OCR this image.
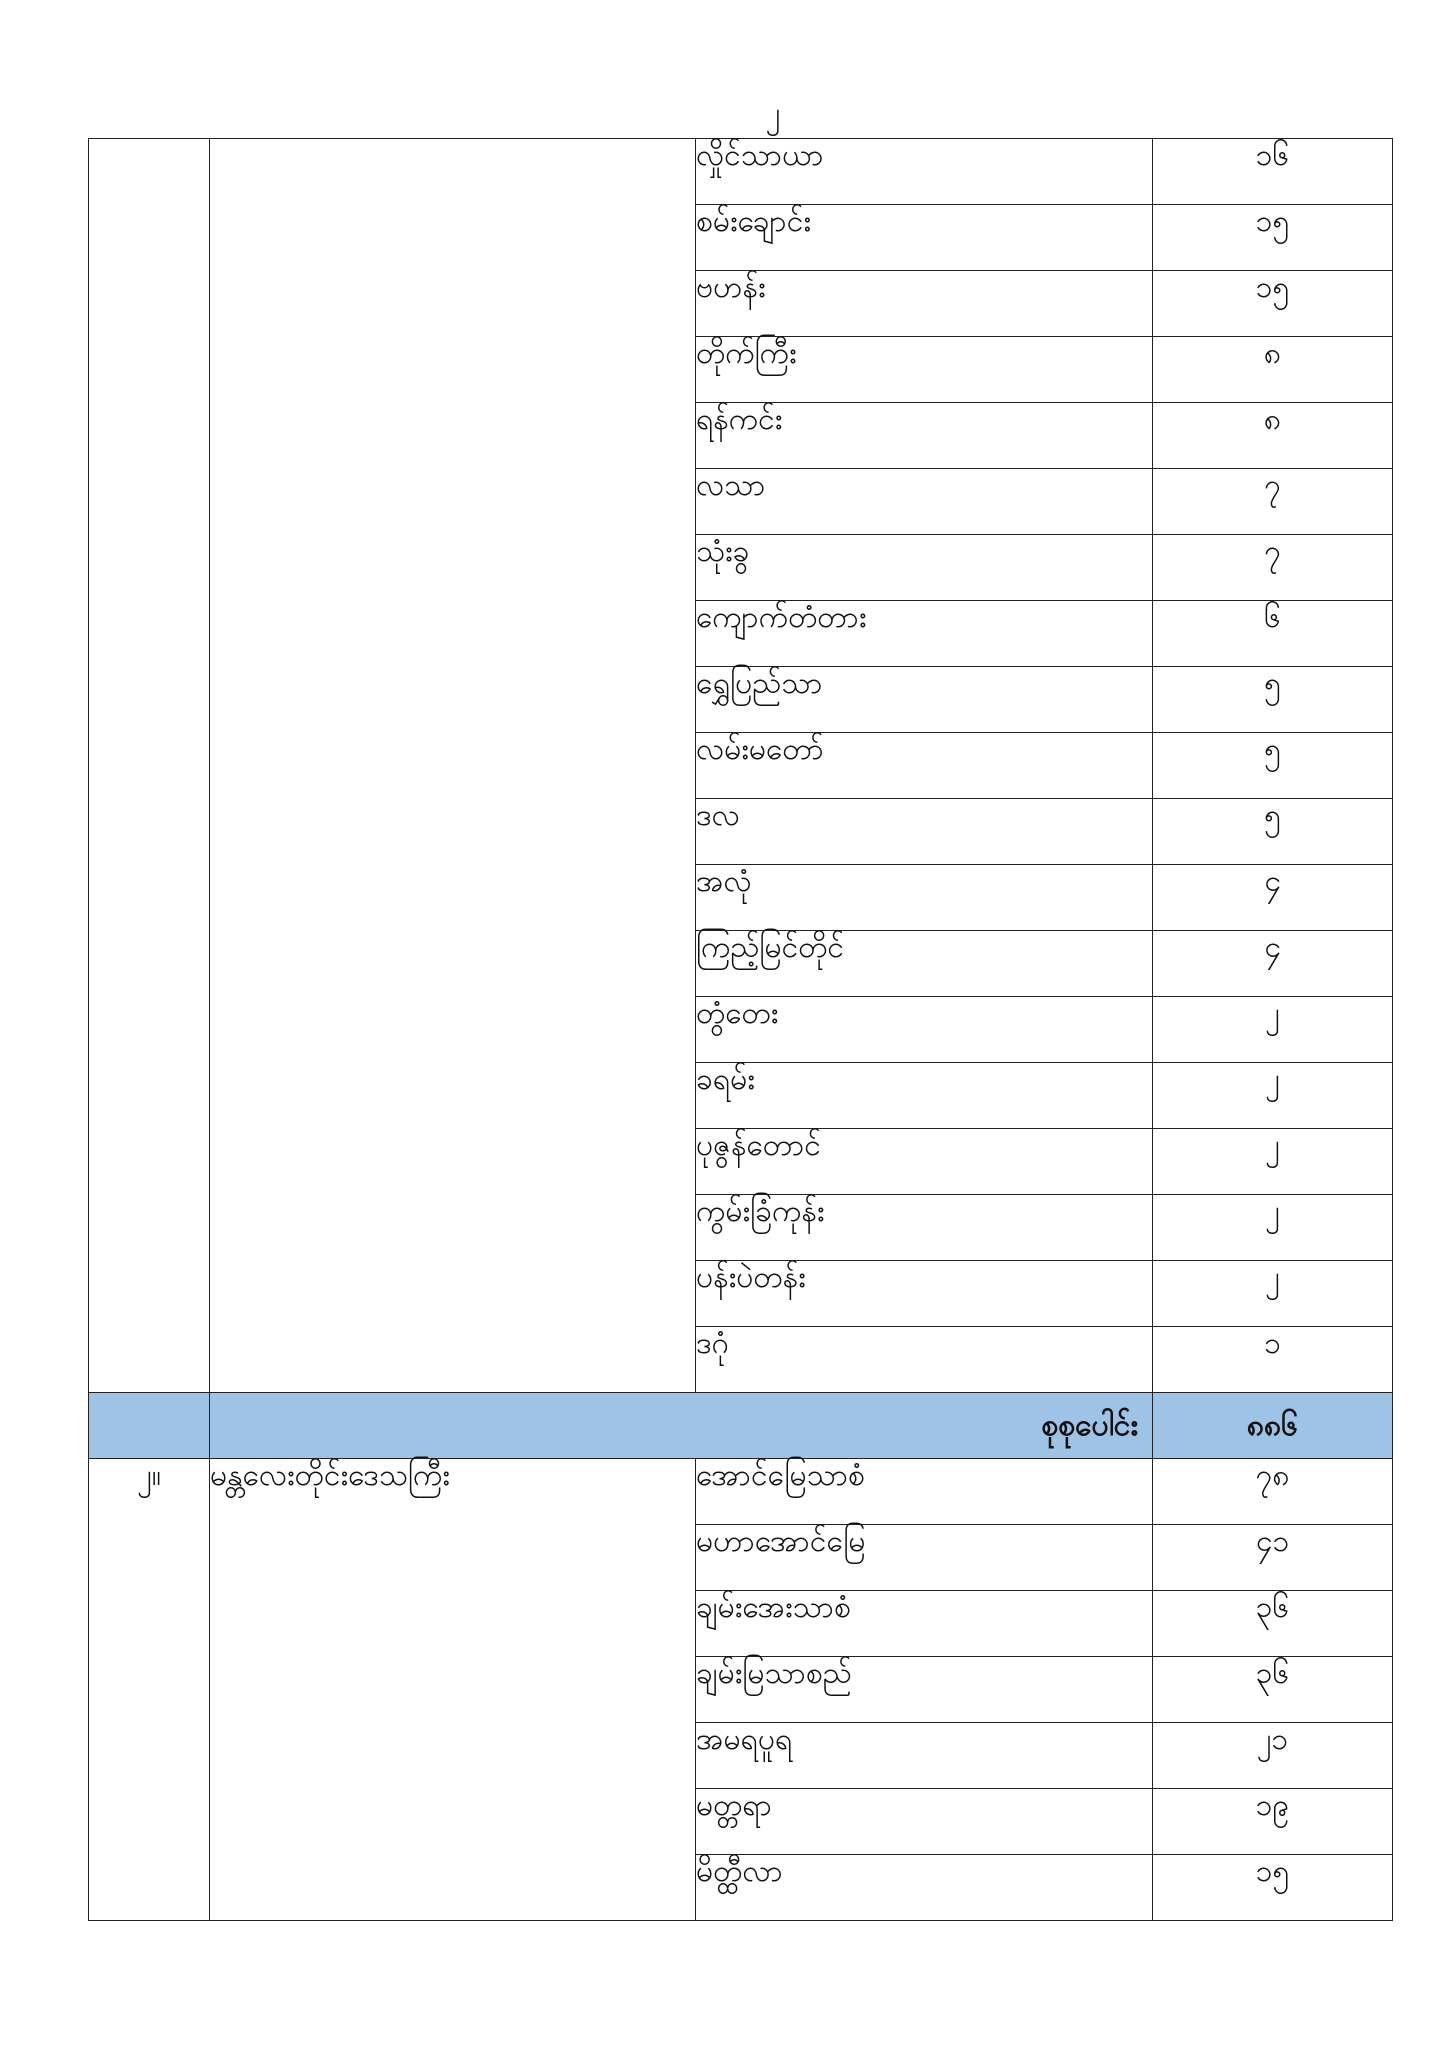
၂
		လှိုင်သာယာ	၁၆
		စမ်းချောင်း	၁၅
		ဗဟန်း	၁၅
		တိုက်ကြီး	၈
		ရန်ကင်း	၈
		လသာ	၇
		သုံးခွ	၇
		ကျောက်တံတား	၆
		ရွှေပြည်သာ	၅
		လမ်းမတော်	၅
		ဒလ	၅
		အလုံ	၄
		ကြည့်မြင်တိုင်	၄
		တွံတေး	၂
		ခရမ်း	၂
		ပုဇွန်တောင်	၂
		ကွမ်းခြံကုန်း	၂
		ပန်းပဲတန်း	၂
		ဒဂုံ	၁
	စုစုပေါင်း		၈၈၆
၂။	မန္တလေးတိုင်းဒေသကြီး	အောင်မြေသာစံ	၇၈
		မဟာအောင်မြေ	၄၁
		ချမ်းအေးသာစံ	၃၆
		ချမ်းမြသာစည်	၃၆
		အမရပူရ	၂၁
		မတ္တရာ	၁၉
		မိတ္ထီလာ	၁၅
